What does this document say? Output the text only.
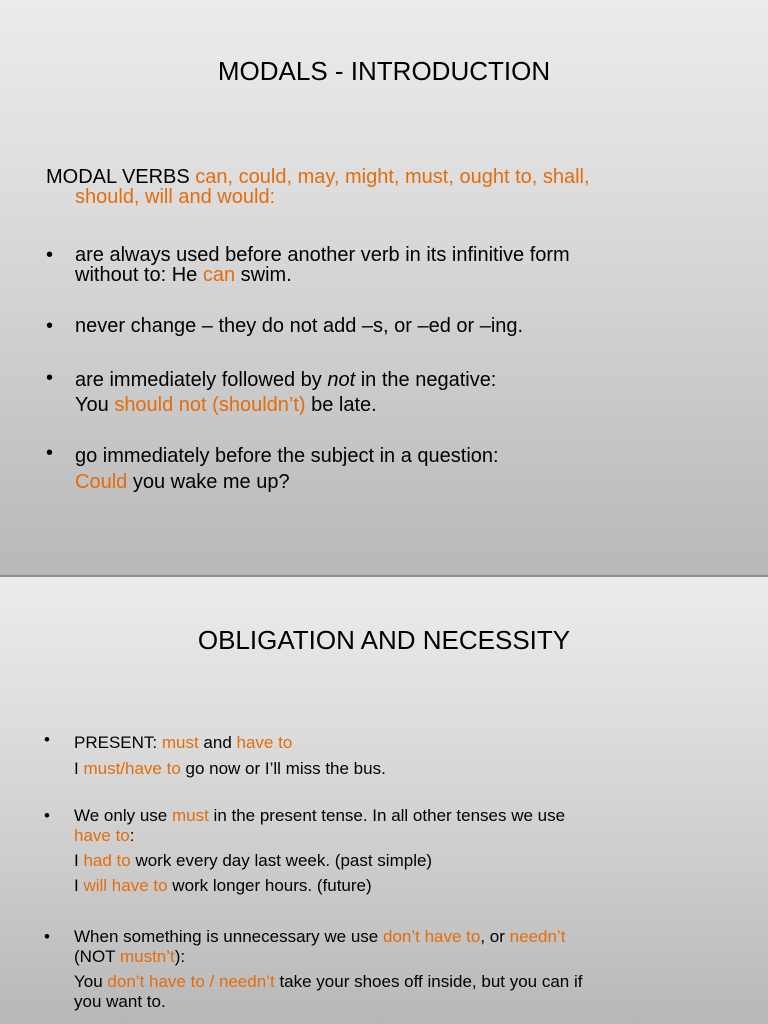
MODALS - INTRODUCTION
MODAL VERBS can, could, may, might, must, ought to, shall,
should, will and would:
• are always used before another verb in its infinitive form
without to: He can swim.
• never change – they do not add –s, or –ed or –ing.
• are immediately followed by not in the negative:
You should not (shouldn’t) be late.
• go immediately before the subject in a question:
Could you wake me up?
OBLIGATION AND NECESSITY
• PRESENT: must and have to
I must/have to go now or I’ll miss the bus.
• We only use must in the present tense. In all other tenses we use
have to:
I had to work every day last week. (past simple)
I will have to work longer hours. (future)
• When something is unnecessary we use don’t have to, or needn’t
(NOT mustn’t):
You don’t have to / needn’t take your shoes off inside, but you can if
you want to.
